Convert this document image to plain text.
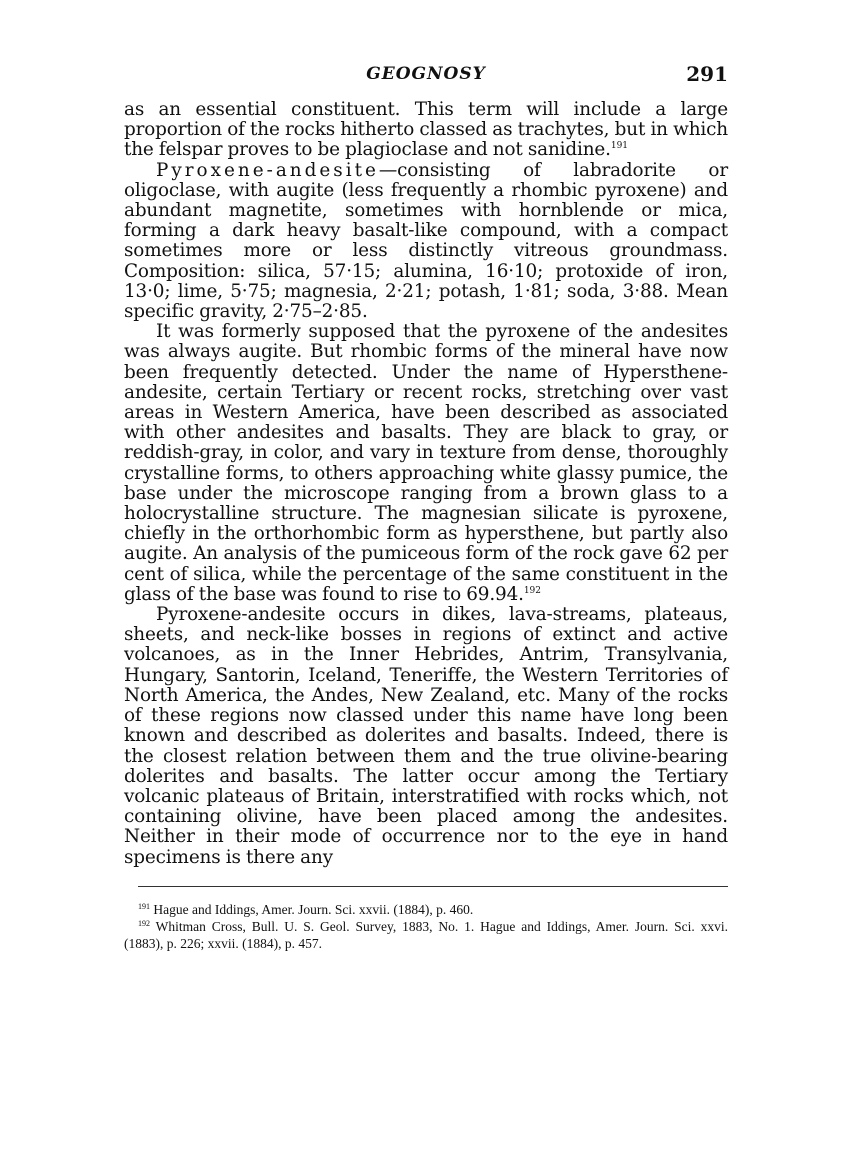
GEOGNOSY	291

as an essential constituent. This term will include a large proportion of the rocks hitherto classed as trachytes, but in which the felspar proves to be plagioclase and not sanidine.$^{191}$

Pyroxene-andesite—consisting of labradorite or oligoclase, with augite (less frequently a rhombic pyroxene) and abundant magnetite, sometimes with hornblende or mica, forming a dark heavy basalt-like compound, with a compact sometimes more or less distinctly vitreous groundmass. Composition: silica, 57·15; alumina, 16·10; protoxide of iron, 13·0; lime, 5·75; magnesia, 2·21; potash, 1·81; soda, 3·88. Mean specific gravity, 2·75–2·85.

It was formerly supposed that the pyroxene of the andesites was always augite. But rhombic forms of the mineral have now been frequently detected. Under the name of Hypersthene-andesite, certain Tertiary or recent rocks, stretching over vast areas in Western America, have been described as associated with other andesites and basalts. They are black to gray, or reddish-gray, in color, and vary in texture from dense, thoroughly crystalline forms, to others approaching white glassy pumice, the base under the microscope ranging from a brown glass to a holocrystalline structure. The magnesian silicate is pyroxene, chiefly in the orthorhombic form as hypersthene, but partly also augite. An analysis of the pumiceous form of the rock gave 62 per cent of silica, while the percentage of the same constituent in the glass of the base was found to rise to 69.94.$^{192}$

Pyroxene-andesite occurs in dikes, lava-streams, plateaus, sheets, and neck-like bosses in regions of extinct and active volcanoes, as in the Inner Hebrides, Antrim, Transylvania, Hungary, Santorin, Iceland, Teneriffe, the Western Territories of North America, the Andes, New Zealand, etc. Many of the rocks of these regions now classed under this name have long been known and described as dolerites and basalts. Indeed, there is the closest relation between them and the true olivine-bearing dolerites and basalts. The latter occur among the Tertiary volcanic plateaus of Britain, interstratified with rocks which, not containing olivine, have been placed among the andesites. Neither in their mode of occurrence nor to the eye in hand specimens is there any

$^{191}$ Hague and Iddings, Amer. Journ. Sci. xxvii. (1884), p. 460.

$^{192}$ Whitman Cross, Bull. U. S. Geol. Survey, 1883, No. 1. Hague and Iddings, Amer. Journ. Sci. xxvi. (1883), p. 226; xxvii. (1884), p. 457.
